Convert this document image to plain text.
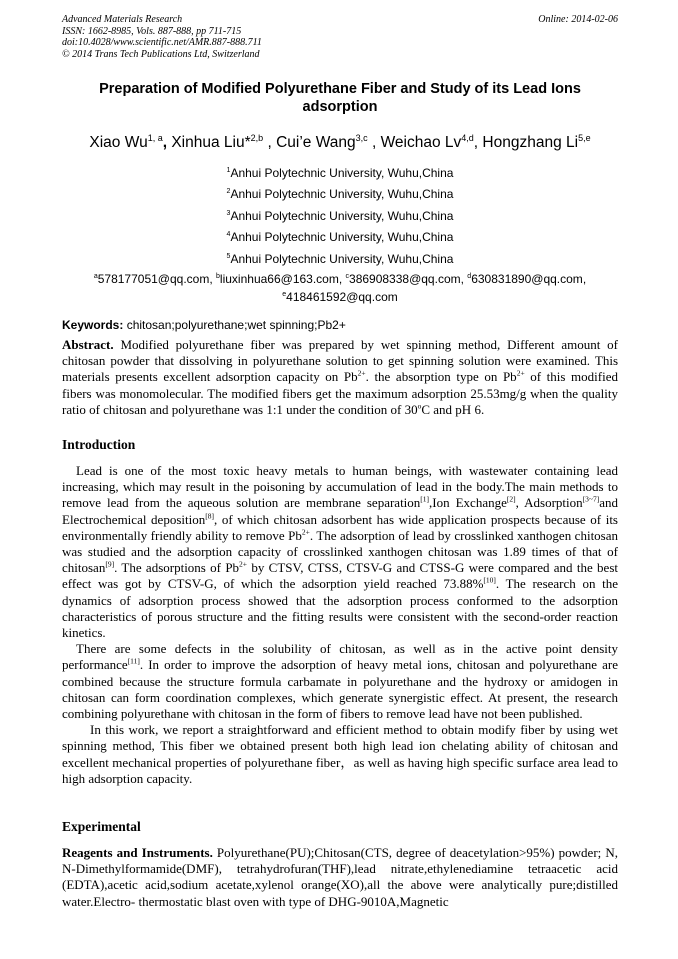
Advanced Materials Research
ISSN: 1662-8985, Vols. 887-888, pp 711-715
doi:10.4028/www.scientific.net/AMR.887-888.711
© 2014 Trans Tech Publications Ltd, Switzerland
Online: 2014-02-06
Preparation of Modified Polyurethane Fiber and Study of its Lead Ions adsorption
Xiao Wu$^{1, a}$, Xinhua Liu*$^{2,b}$ , Cui’e Wang$^{3,c}$ , Weichao Lv$^{4,d}$, Hongzhang Li$^{5,e}$
$^1$Anhui Polytechnic University, Wuhu,China
$^2$Anhui Polytechnic University, Wuhu,China
$^3$Anhui Polytechnic University, Wuhu,China
$^4$Anhui Polytechnic University, Wuhu,China
$^5$Anhui Polytechnic University, Wuhu,China
$^a$578177051@qq.com, $^b$liuxinhua66@163.com, $^c$386908338@qq.com, $^d$630831890@qq.com,
$^e$418461592@qq.com
Keywords: chitosan;polyurethane;wet spinning;Pb2+
Abstract. Modified polyurethane fiber was prepared by wet spinning method, Different amount of chitosan powder that dissolving in polyurethane solution to get spinning solution were examined. This materials presents excellent adsorption capacity on $Pb^{2+}$. the absorption type on $Pb^{2+}$ of this modified fibers was monomolecular. The modified fibers get the maximum adsorption 25.53mg/g when the quality ratio of chitosan and polyurethane was 1:1 under the condition of 30$^o$C and pH 6.
Introduction

Lead is one of the most toxic heavy metals to human beings, with wastewater containing lead increasing, which may result in the poisoning by accumulation of lead in the body.The main methods to remove lead from the aqueous solution are membrane separation[1],Ion Exchange[2], Adsorption[3~7]and Electrochemical deposition[8], of which chitosan adsorbent has wide application prospects because of its environmentally friendly ability to remove $Pb^{2+}$. The adsorption of lead by crosslinked xanthogen chitosan was studied and the adsorption capacity of crosslinked xanthogen chitosan was 1.89 times of that of chitosan[9]. The adsorptions of $Pb^{2+}$ by CTSV, CTSS, CTSV-G and CTSS-G were compared and the best effect was got by CTSV-G, of which the adsorption yield reached 73.88%[10]. The research on the dynamics of adsorption process showed that the adsorption process conformed to the adsorption characteristics of porous structure and the fitting results were consistent with the second-order reaction kinetics.

There are some defects in the solubility of chitosan, as well as in the active point density performance[11]. In order to improve the adsorption of heavy metal ions, chitosan and polyurethane are combined because the structure formula carbamate in polyurethane and the hydroxy or amidogen in chitosan can form coordination complexes, which generate synergistic effect. At present, the research combining polyurethane with chitosan in the form of fibers to remove lead have not been published.

In this work, we report a straightforward and efficient method to obtain modify fiber by using wet spinning method, This fiber we obtained present both high lead ion chelating ability of chitosan and excellent mechanical properties of polyurethane fiber，as well as having high specific surface area lead to high adsorption capacity.

Experimental
Reagents and Instruments. Polyurethane(PU);Chitosan(CTS, degree of deacetylation>95%) powder; N, N-Dimethylformamide(DMF), tetrahydrofuran(THF),lead nitrate,ethylenediamine tetraacetic acid (EDTA),acetic acid,sodium acetate,xylenol orange(XO),all the above were analytically pure;distilled water.Electro- thermostatic blast oven with type of DHG-9010A,Magnetic
